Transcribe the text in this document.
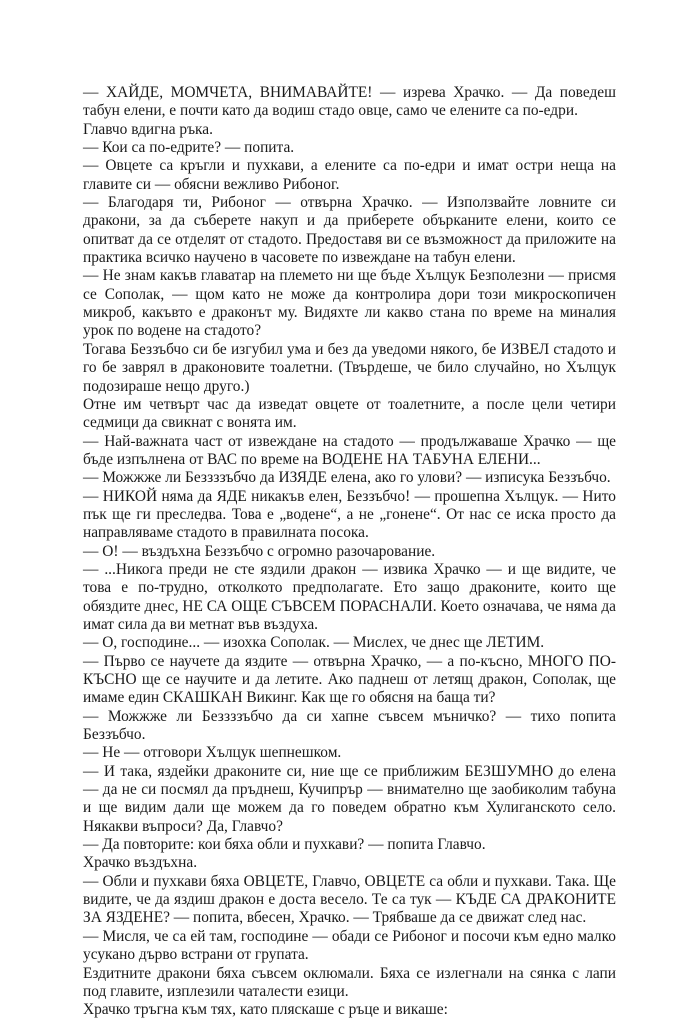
— ХАЙДЕ, МОМЧЕТА, ВНИМАВАЙТЕ! — изрева Храчко. — Да поведеш табун елени, е почти като да водиш стадо овце, само че елените са по-едри.

Главчо вдигна ръка.

— Кои са по-едрите? — попита.

— Овцете са кръгли и пухкави, а елените са по-едри и имат остри неща на главите си — обясни вежливо Рибоног.

— Благодаря ти, Рибоног — отвърна Храчко. — Използвайте ловните си дракони, за да съберете накуп и да приберете обърканите елени, които се опитват да се отделят от стадото. Предоставя ви се възможност да приложите на практика всичко научено в часовете по извеждане на табун елени.

— Не знам какъв главатар на племето ни ще бъде Хълцук Безполезни — присмя се Сополак, — щом като не може да контролира дори този микроскопичен микроб, какъвто е драконът му. Видяхте ли какво стана по време на миналия урок по водене на стадото?

Тогава Беззъбчо си бе изгубил ума и без да уведоми някого, бе ИЗВЕЛ стадото и го бе заврял в драконовите тоалетни. (Твърдеше, че било случайно, но Хълцук подозираше нещо друго.)

Отне им четвърт час да изведат овцете от тоалетните, а после цели четири седмици да свикнат с вонята им.

— Най-важната част от извеждане на стадото — продължаваше Храчко — ще бъде изпълнена от ВАС по време на ВОДЕНЕ НА ТАБУНА ЕЛЕНИ...

— Можжже ли Беззззъбчо да ИЗЯДЕ елена, ако го улови? — изписука Беззъбчо.

— НИКОЙ няма да ЯДЕ никакъв елен, Беззъбчо! — прошепна Хълцук. — Нито пък ще ги преследва. Това е „водене“, а не „гонене“. От нас се иска просто да направляваме стадото в правилната посока.

— О! — въздъхна Беззъбчо с огромно разочарование.

— ...Никога преди не сте яздили дракон — извика Храчко — и ще видите, че това е по-трудно, отколкото предполагате. Ето защо драконите, които ще обяздите днес, НЕ СА ОЩЕ СЪВСЕМ ПОРАСНАЛИ. Което означава, че няма да имат сила да ви метнат във въздуха.

— О, господине... — изохка Сополак. — Мислех, че днес ще ЛЕТИМ.

— Първо се научете да яздите — отвърна Храчко, — а по-късно, МНОГО ПО-КЪСНО ще се научите и да летите. Ако паднеш от летящ дракон, Сополак, ще имаме един СКАШКАН Викинг. Как ще го обясня на баща ти?

— Можжже ли Беззззъбчо да си хапне съвсем мъничко? — тихо попита Беззъбчо.

— Не — отговори Хълцук шепнешком.

— И така, яздейки драконите си, ние ще се приближим БЕЗШУМНО до елена — да не си посмял да пръднеш, Кучипрър — внимателно ще заобиколим табуна и ще видим дали ще можем да го поведем обратно към Хулиганското село. Някакви въпроси? Да, Главчо?

— Да повторите: кои бяха обли и пухкави? — попита Главчо.

Храчко въздъхна.

— Обли и пухкави бяха ОВЦЕТЕ, Главчо, ОВЦЕТЕ са обли и пухкави. Така. Ще видите, че да яздиш дракон е доста весело. Те са тук — КЪДЕ СА ДРАКОНИТЕ ЗА ЯЗДЕНЕ? — попита, вбесен, Храчко. — Трябваше да се движат след нас.

— Мисля, че са ей там, господине — обади се Рибоног и посочи към едно малко усукано дърво встрани от групата.

Ездитните дракони бяха съвсем оклюмали. Бяха се излегнали на сянка с лапи под главите, изплезили чаталести езици.

Храчко тръгна към тях, като пляскаше с ръце и викаше:
